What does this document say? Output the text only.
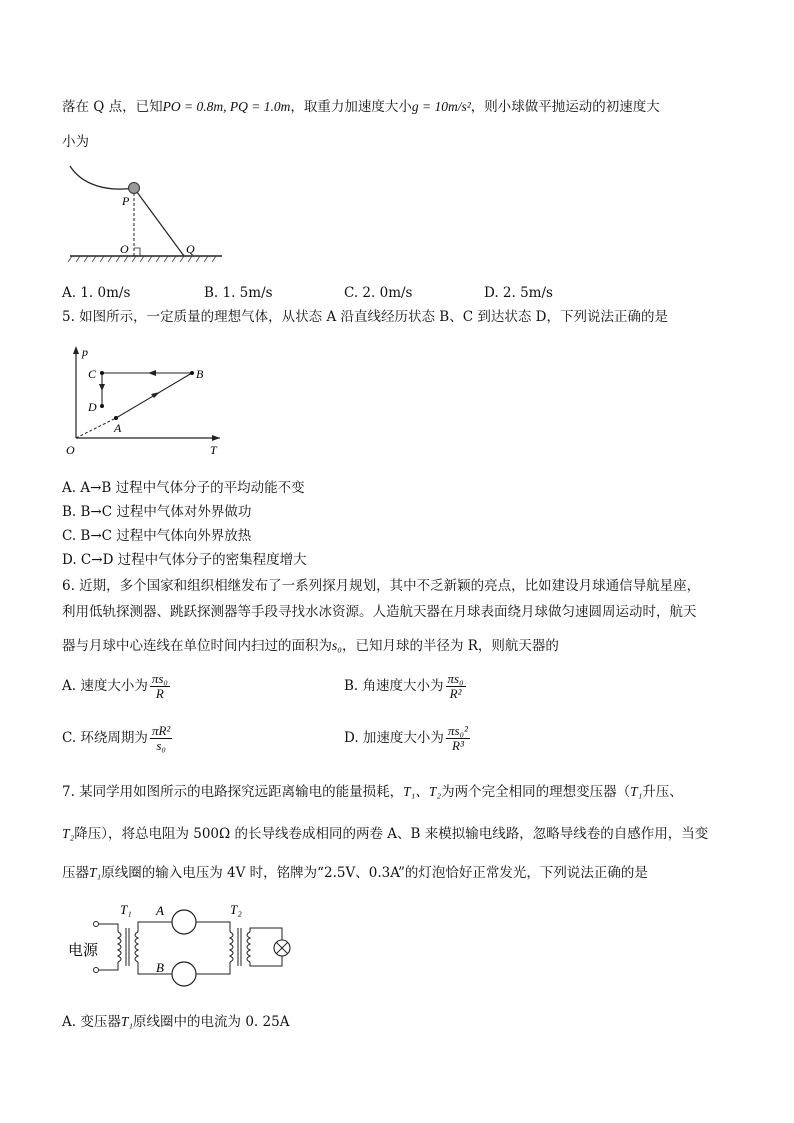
落在 Q 点，已知PO = 0.8m, PQ = 1.0m，取重力加速度大小g = 10m/s²，则小球做平抛运动的初速度大
小为
P
O	Q
A. 1. 0m/s	B. 1. 5m/s	C. 2. 0m/s	D. 2. 5m/s
5. 如图所示，一定质量的理想气体，从状态 A 沿直线经历状态 B、C 到达状态 D，下列说法正确的是
p
T
O
A
B
C
D
A. A→B 过程中气体分子的平均动能不变
B. B→C 过程中气体对外界做功
C. B→C 过程中气体向外界放热
D. C→D 过程中气体分子的密集程度增大
6. 近期，多个国家和组织相继发布了一系列探月规划，其中不乏新颖的亮点，比如建设月球通信导航星座，
利用低轨探测器、跳跃探测器等手段寻找水冰资源。人造航天器在月球表面绕月球做匀速圆周运动时，航天
器与月球中心连线在单位时间内扫过的面积为s₀，已知月球的半径为 R，则航天器的
A. 速度大小为 $\frac{\text{πs₀}}{R}$	B. 角速度大小为 $\frac{\text{πs₀}}{\text{R²}}$
C. 环绕周期为 $\frac{\text{πR²}}{\text{s₀}}$	D. 加速度大小为 $\frac{\text{πs₀²}}{\text{R³}}$
7. 某同学用如图所示的电路探究远距离输电的能量损耗，T₁、T₂为两个完全相同的理想变压器（T₁升压、
T₂降压），将总电阻为 500Ω 的长导线卷成相同的两卷 A、B 来模拟输电线路，忽略导线卷的自感作用，当变
压器T₁原线圈的输入电压为 4V 时，铭牌为“2.5V、0.3A”的灯泡恰好正常发光，下列说法正确的是
电源
T₁	T₂
A
B
A. 变压器T₁原线圈中的电流为 0. 25A
